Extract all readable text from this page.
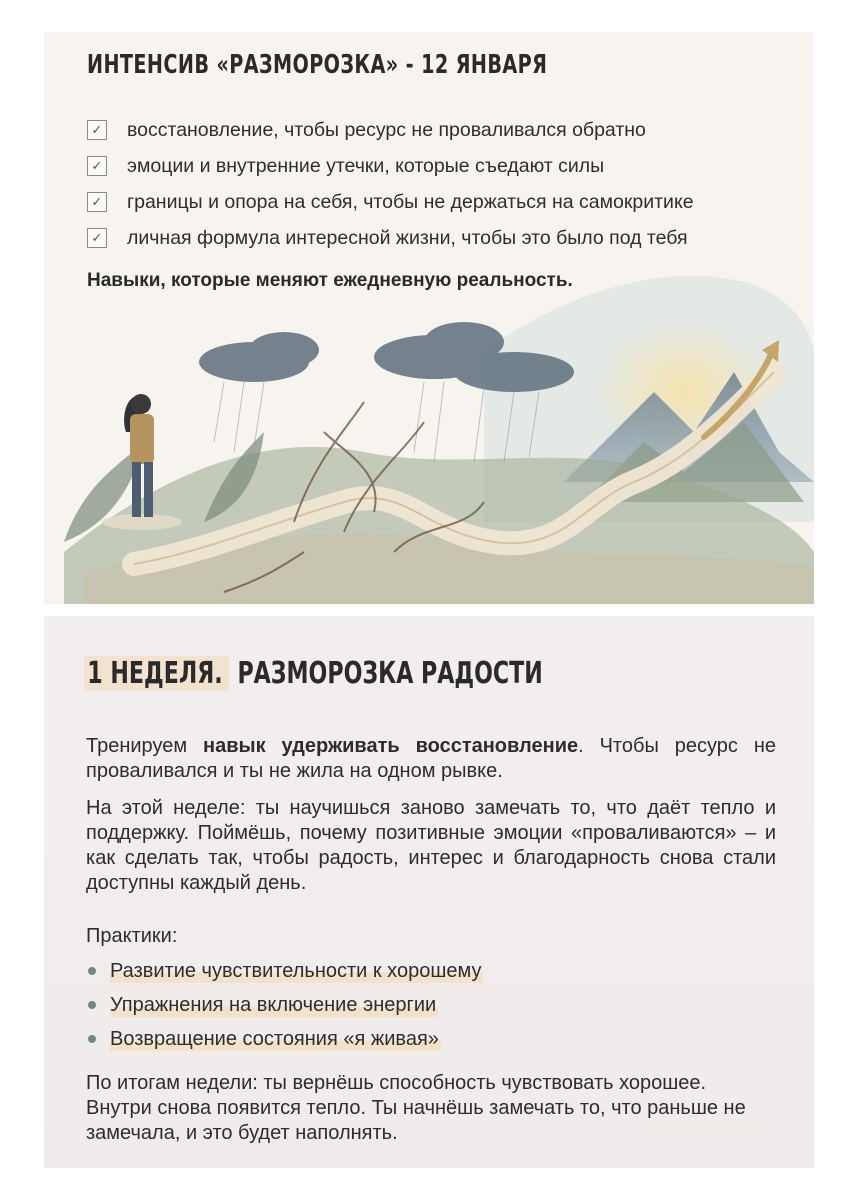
ИНТЕНСИВ «РАЗМОРОЗКА» - 12 ЯНВАРЯ
✓ восстановление, чтобы ресурс не проваливался обратно
✓ эмоции и внутренние утечки, которые съедают силы
✓ границы и опора на себя, чтобы не держаться на самокритике
✓ личная формула интересной жизни, чтобы это было под тебя

Навыки, которые меняют ежедневную реальность.

1 НЕДЕЛЯ. РАЗМОРОЗКА РАДОСТИ

Тренируем навык удерживать восстановление. Чтобы ресурс не проваливался и ты не жила на одном рывке.

На этой неделе: ты научишься заново замечать то, что даёт тепло и поддержку. Поймёшь, почему позитивные эмоции «проваливаются» – и как сделать так, чтобы радость, интерес и благодарность снова стали доступны каждый день.

Практики:

Развитие чувствительности к хорошему
Упражнения на включение энергии
Возвращение состояния «я живая»

По итогам недели: ты вернёшь способность чувствовать хорошее. Внутри снова появится тепло. Ты начнёшь замечать то, что раньше не замечала, и это будет наполнять.
